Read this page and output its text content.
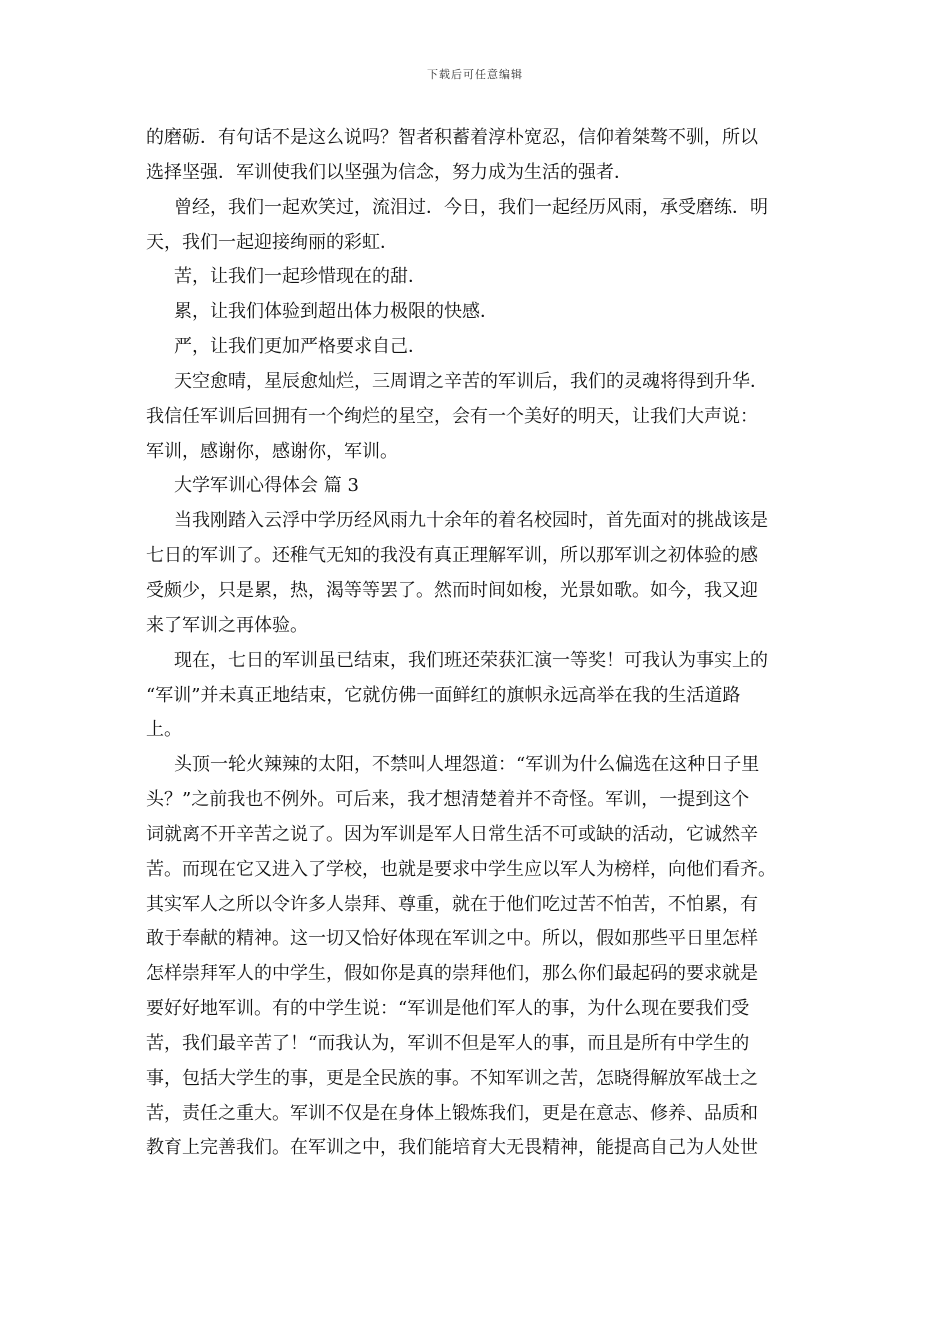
下载后可任意编辑
的磨砺．有句话不是这么说吗？智者积蓄着淳朴宽忍，信仰着桀骜不驯，所以
选择坚强．军训使我们以坚强为信念，努力成为生活的强者．
曾经，我们一起欢笑过，流泪过．今日，我们一起经历风雨，承受磨练．明
天，我们一起迎接绚丽的彩虹．
苦，让我们一起珍惜现在的甜．
累，让我们体验到超出体力极限的快感．
严，让我们更加严格要求自己．
天空愈晴，星辰愈灿烂，三周谓之辛苦的军训后，我们的灵魂将得到升华．
我信任军训后回拥有一个绚烂的星空，会有一个美好的明天，让我们大声说：
军训，感谢你，感谢你，军训。
大学军训心得体会 篇 3
当我刚踏入云浮中学历经风雨九十余年的着名校园时，首先面对的挑战该是
七日的军训了。还稚气无知的我没有真正理解军训，所以那军训之初体验的感
受颇少，只是累，热，渴等等罢了。然而时间如梭，光景如歌。如今，我又迎
来了军训之再体验。
现在，七日的军训虽已结束，我们班还荣获汇演一等奖！可我认为事实上的
“军训”并未真正地结束，它就仿佛一面鲜红的旗帜永远高举在我的生活道路
上。
头顶一轮火辣辣的太阳，不禁叫人埋怨道：“军训为什么偏选在这种日子里
头？”之前我也不例外。可后来，我才想清楚着并不奇怪。军训，一提到这个
词就离不开辛苦之说了。因为军训是军人日常生活不可或缺的活动，它诚然辛
苦。而现在它又进入了学校，也就是要求中学生应以军人为榜样，向他们看齐。
其实军人之所以令许多人崇拜、尊重，就在于他们吃过苦不怕苦，不怕累，有
敢于奉献的精神。这一切又恰好体现在军训之中。所以，假如那些平日里怎样
怎样崇拜军人的中学生，假如你是真的崇拜他们，那么你们最起码的要求就是
要好好地军训。有的中学生说：“军训是他们军人的事，为什么现在要我们受
苦，我们最辛苦了！“而我认为，军训不但是军人的事，而且是所有中学生的
事，包括大学生的事，更是全民族的事。不知军训之苦，怎晓得解放军战士之
苦，责任之重大。军训不仅是在身体上锻炼我们，更是在意志、修养、品质和
教育上完善我们。在军训之中，我们能培育大无畏精神，能提高自己为人处世
